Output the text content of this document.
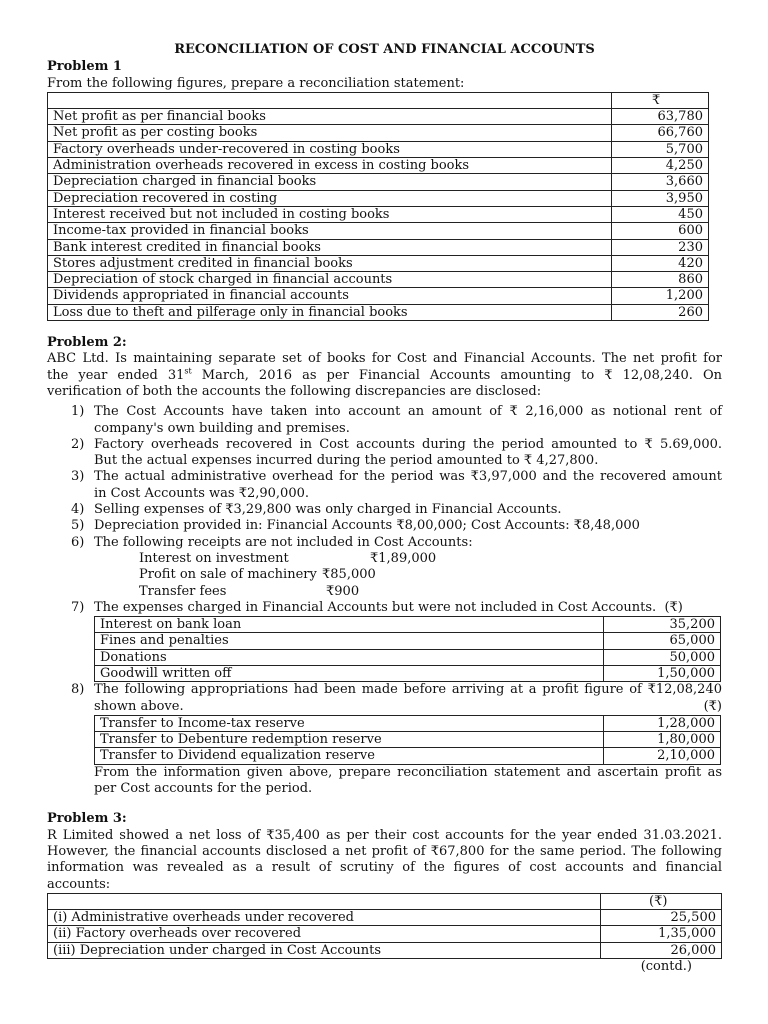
RECONCILIATION OF COST AND FINANCIAL ACCOUNTS
Problem 1
From the following figures, prepare a reconciliation statement:
	₹
Net profit as per financial books	63,780
Net profit as per costing books	66,760
Factory overheads under-recovered in costing books	5,700
Administration overheads recovered in excess in costing books	4,250
Depreciation charged in financial books	3,660
Depreciation recovered in costing	3,950
Interest received but not included in costing books	450
Income-tax provided in financial books	600
Bank interest credited in financial books	230
Stores adjustment credited in financial books	420
Depreciation of stock charged in financial accounts	860
Dividends appropriated in financial accounts	1,200
Loss due to theft and pilferage only in financial books	260
Problem 2:

ABC Ltd. Is maintaining separate set of books for Cost and Financial Accounts. The net profit for

the year ended 31st March, 2016 as per Financial Accounts amounting to ₹ 12,08,240. On

verification of both the accounts the following discrepancies are disclosed:

1) The Cost Accounts have taken into account an amount of ₹ 2,16,000 as notional rent of

company's own building and premises.
2) Factory overheads recovered in Cost accounts during the period amounted to ₹ 5.69,000.

But the actual expenses incurred during the period amounted to ₹ 4,27,800.
3) The actual administrative overhead for the period was ₹3,97,000 and the recovered amount

in Cost Accounts was ₹2,90,000.
4) Selling expenses of ₹3,29,800 was only charged in Financial Accounts.
5) Depreciation provided in: Financial Accounts ₹8,00,000; Cost Accounts: ₹8,48,000
6) The following receipts are not included in Cost Accounts:
Interest on investment	₹1,89,000
Profit on sale of machinery ₹85,000
Transfer fees	₹900
7) The expenses charged in Financial Accounts but were not included in Cost Accounts. (₹)
Interest on bank loan	35,200
Fines and penalties	65,000
Donations	50,000
Goodwill written off	1,50,000
8) The following appropriations had been made before arriving at a profit figure of ₹12,08,240

shown above.	(₹)
Transfer to Income-tax reserve	1,28,000
Transfer to Debenture redemption reserve	1,80,000
Transfer to Dividend equalization reserve	2,10,000

From the information given above, prepare reconciliation statement and ascertain profit as

per Cost accounts for the period.
Problem 3:

R Limited showed a net loss of ₹35,400 as per their cost accounts for the year ended 31.03.2021.

However, the financial accounts disclosed a net profit of ₹67,800 for the same period. The following

information was revealed as a result of scrutiny of the figures of cost accounts and financial

accounts:
	(₹)
(i) Administrative overheads under recovered	25,500
(ii) Factory overheads over recovered	1,35,000
(iii) Depreciation under charged in Cost Accounts	26,000
(contd.)
